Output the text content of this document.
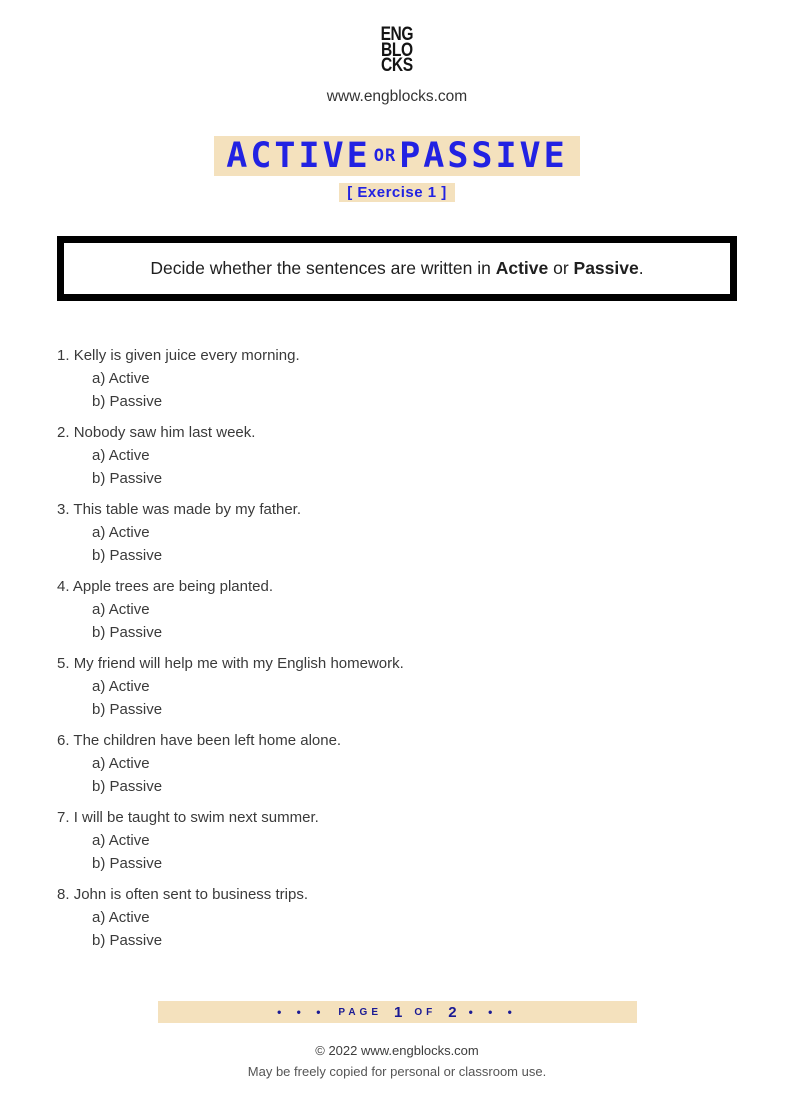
ENG
BLO
CKS
www.engblocks.com
ACTIVE OR PASSIVE
[ Exercise 1 ]
Decide whether the sentences are written in Active or Passive.
1. Kelly is given juice every morning.
a) Active
b) Passive
2. Nobody saw him last week.
a) Active
b) Passive
3. This table was made by my father.
a) Active
b) Passive
4. Apple trees are being planted.
a) Active
b) Passive
5. My friend will help me with my English homework.
a) Active
b) Passive
6. The children have been left home alone.
a) Active
b) Passive
7. I will be taught to swim next summer.
a) Active
b) Passive
8. John is often sent to business trips.
a) Active
b) Passive
• • • PAGE 1 OF 2 • • •
© 2022 www.engblocks.com
May be freely copied for personal or classroom use.
